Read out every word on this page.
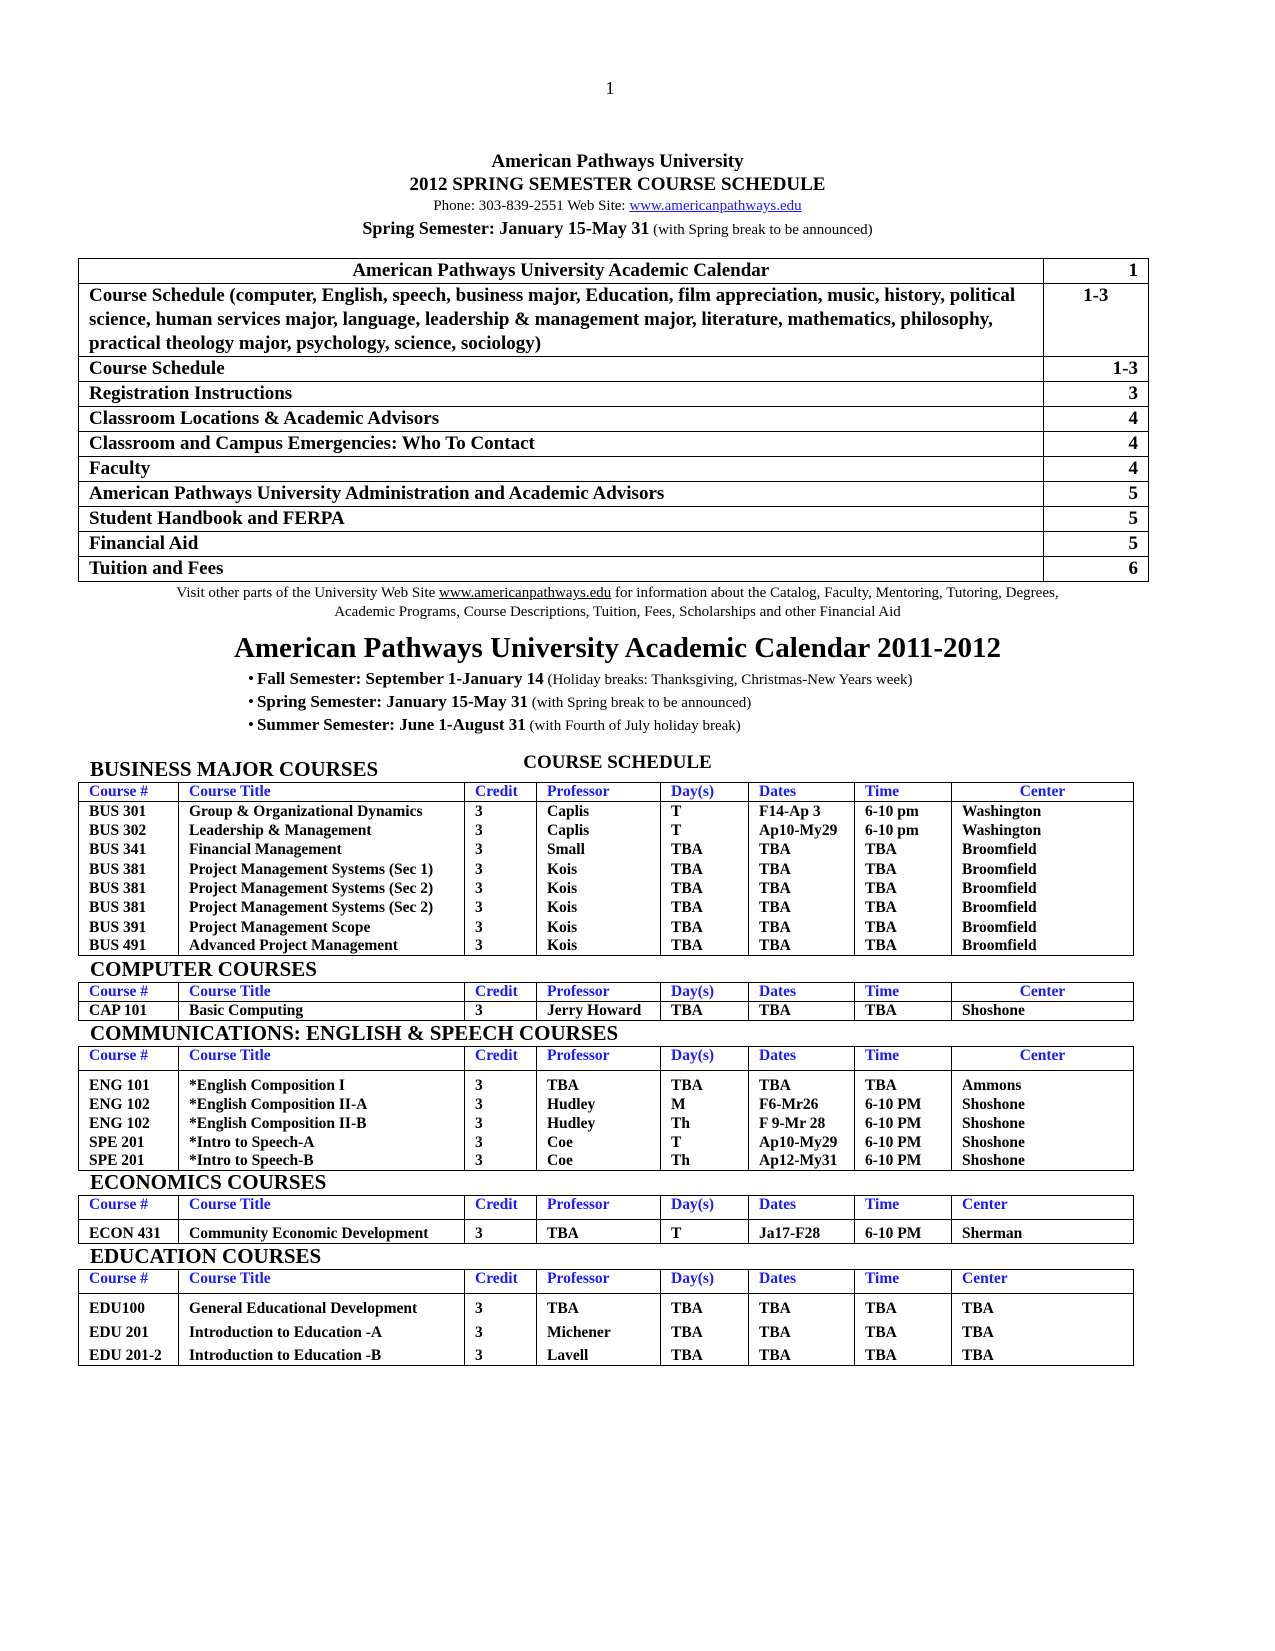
1
American Pathways University
2012 SPRING SEMESTER COURSE SCHEDULE
Phone: 303-839-2551 Web Site: www.americanpathways.edu
Spring Semester: January 15-May 31 (with Spring break to be announced)
American Pathways University Academic Calendar	1
Course Schedule (computer, English, speech, business major, Education, film appreciation, music, history, political science, human services major, language, leadership & management major, literature, mathematics, philosophy, practical theology major, psychology, science, sociology)	1-3
Course Schedule	1-3
Registration Instructions	3
Classroom Locations & Academic Advisors	4
Classroom and Campus Emergencies: Who To Contact	4
Faculty	4
American Pathways University Administration and Academic Advisors	5
Student Handbook and FERPA	5
Financial Aid	5
Tuition and Fees	6
Visit other parts of the University Web Site www.americanpathways.edu for information about the Catalog, Faculty, Mentoring, Tutoring, Degrees,
Academic Programs, Course Descriptions, Tuition, Fees, Scholarships and other Financial Aid
American Pathways University Academic Calendar 2011-2012
• Fall Semester: September 1-January 14 (Holiday breaks: Thanksgiving, Christmas-New Years week)
• Spring Semester: January 15-May 31 (with Spring break to be announced)
• Summer Semester: June 1-August 31 (with Fourth of July holiday break)
COURSE SCHEDULE
BUSINESS MAJOR COURSES
Course #	Course Title	Credit	Professor	Day(s)	Dates	Time	Center
BUS 301	Group & Organizational Dynamics	3	Caplis	T	F14-Ap 3	6-10 pm	Washington
BUS 302	Leadership & Management	3	Caplis	T	Ap10-My29	6-10 pm	Washington
BUS 341	Financial Management	3	Small	TBA	TBA	TBA	Broomfield
BUS 381	Project Management Systems (Sec 1)	3	Kois	TBA	TBA	TBA	Broomfield
BUS 381	Project Management Systems (Sec 2)	3	Kois	TBA	TBA	TBA	Broomfield
BUS 381	Project Management Systems (Sec 2)	3	Kois	TBA	TBA	TBA	Broomfield
BUS 391	Project Management Scope	3	Kois	TBA	TBA	TBA	Broomfield
BUS 491	Advanced Project Management	3	Kois	TBA	TBA	TBA	Broomfield
COMPUTER COURSES
Course #	Course Title	Credit	Professor	Day(s)	Dates	Time	Center
CAP 101	Basic Computing	3	Jerry Howard	TBA	TBA	TBA	Shoshone
COMMUNICATIONS: ENGLISH & SPEECH COURSES
Course #	Course Title	Credit	Professor	Day(s)	Dates	Time	Center
ENG 101	*English Composition I	3	TBA	TBA	TBA	TBA	Ammons
ENG 102	*English Composition II-A	3	Hudley	M	F6-Mr26	6-10 PM	Shoshone
ENG 102	*English Composition II-B	3	Hudley	Th	F 9-Mr 28	6-10 PM	Shoshone
SPE 201	*Intro to Speech-A	3	Coe	T	Ap10-My29	6-10 PM	Shoshone
SPE 201	*Intro to Speech-B	3	Coe	Th	Ap12-My31	6-10 PM	Shoshone
ECONOMICS COURSES
Course #	Course Title	Credit	Professor	Day(s)	Dates	Time	Center
ECON 431	Community Economic Development	3	TBA	T	Ja17-F28	6-10 PM	Sherman
EDUCATION COURSES
Course #	Course Title	Credit	Professor	Day(s)	Dates	Time	Center
EDU100	General Educational Development	3	TBA	TBA	TBA	TBA	TBA
EDU 201	Introduction to Education -A	3	Michener	TBA	TBA	TBA	TBA
EDU 201-2	Introduction to Education -B	3	Lavell	TBA	TBA	TBA	TBA
